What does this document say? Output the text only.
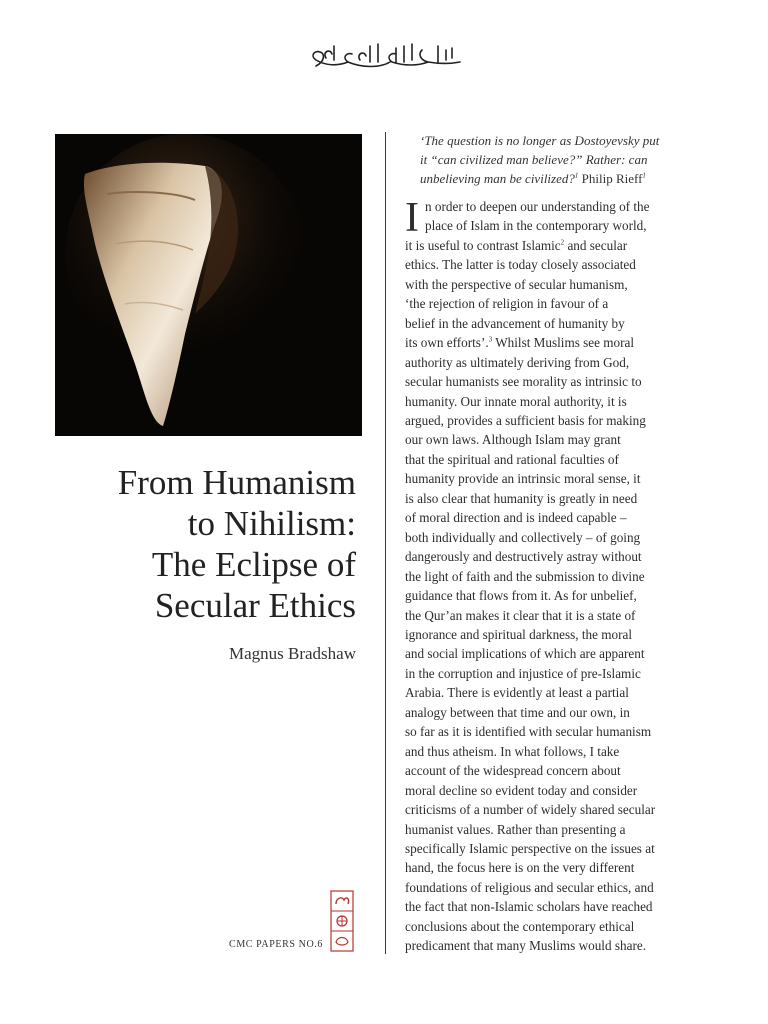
From Humanism
to Nihilism:
The Eclipse of
Secular Ethics
Magnus Bradshaw
CMC PAPERS NO.6

‘The question is no longer as Dostoyevsky put
it “can civilized man believe?” Rather: can
unbelieving man be civilized?$^1$ Philip Rieff$^1$

I n order to deepen our understanding of the
place of Islam in the contemporary world,
it is useful to contrast Islamic$^2$ and secular
ethics. The latter is today closely associated
with the perspective of secular humanism,
‘the rejection of religion in favour of a
belief in the advancement of humanity by
its own efforts’.$^3$ Whilst Muslims see moral
authority as ultimately deriving from God,
secular humanists see morality as intrinsic to
humanity. Our innate moral authority, it is
argued, provides a sufficient basis for making
our own laws. Although Islam may grant
that the spiritual and rational faculties of
humanity provide an intrinsic moral sense, it
is also clear that humanity is greatly in need
of moral direction and is indeed capable –
both individually and collectively – of going
dangerously and destructively astray without
the light of faith and the submission to divine
guidance that flows from it. As for unbelief,
the Qur’an makes it clear that it is a state of
ignorance and spiritual darkness, the moral
and social implications of which are apparent
in the corruption and injustice of pre-Islamic
Arabia. There is evidently at least a partial
analogy between that time and our own, in
so far as it is identified with secular humanism
and thus atheism. In what follows, I take
account of the widespread concern about
moral decline so evident today and consider
criticisms of a number of widely shared secular
humanist values. Rather than presenting a
specifically Islamic perspective on the issues at
hand, the focus here is on the very different
foundations of religious and secular ethics, and
the fact that non-Islamic scholars have reached
conclusions about the contemporary ethical
predicament that many Muslims would share.
